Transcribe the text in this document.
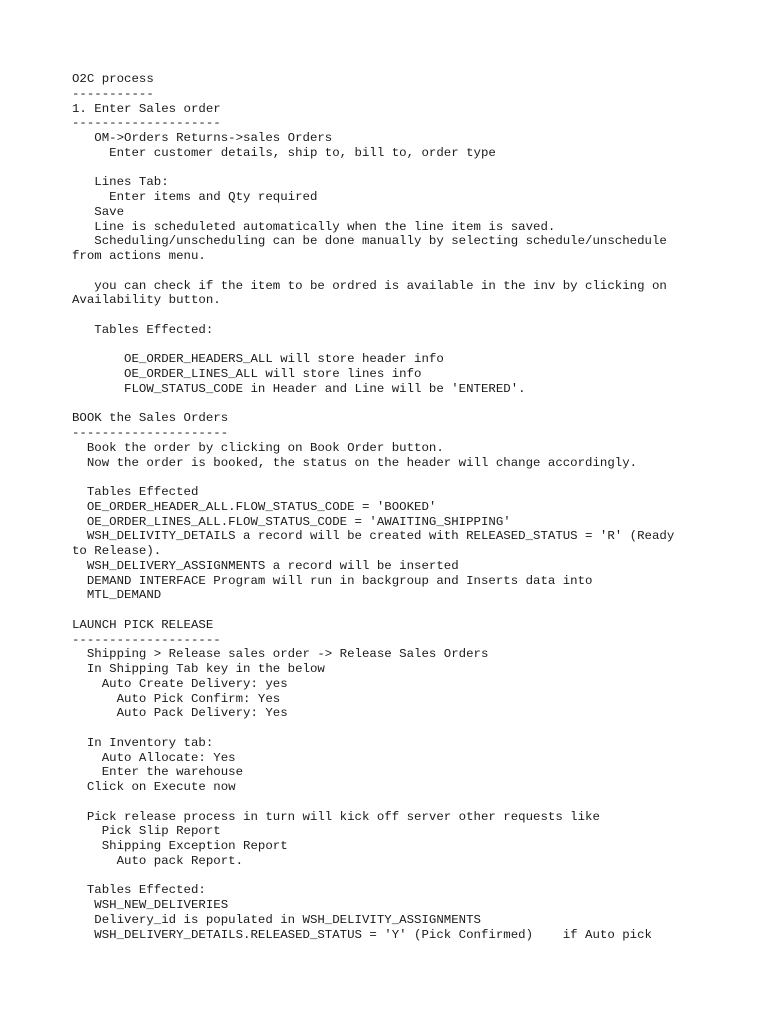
O2C process
-----------
1. Enter Sales order
--------------------
OM->Orders Returns->sales Orders
Enter customer details, ship to, bill to, order type
Lines Tab:
Enter items and Qty required
Save
Line is scheduleted automatically when the line item is saved.
Scheduling/unscheduling can be done manually by selecting schedule/unschedule
from actions menu.
you can check if the item to be ordred is available in the inv by clicking on
Availability button.
Tables Effected:
OE_ORDER_HEADERS_ALL will store header info
OE_ORDER_LINES_ALL will store lines info
FLOW_STATUS_CODE in Header and Line will be 'ENTERED'.
BOOK the Sales Orders
---------------------
Book the order by clicking on Book Order button.
Now the order is booked, the status on the header will change accordingly.
Tables Effected
OE_ORDER_HEADER_ALL.FLOW_STATUS_CODE = 'BOOKED'
OE_ORDER_LINES_ALL.FLOW_STATUS_CODE = 'AWAITING_SHIPPING'
WSH_DELIVITY_DETAILS a record will be created with RELEASED_STATUS = 'R' (Ready
to Release).
WSH_DELIVERY_ASSIGNMENTS a record will be inserted
DEMAND INTERFACE Program will run in backgroup and Inserts data into
MTL_DEMAND
LAUNCH PICK RELEASE
--------------------
Shipping > Release sales order -> Release Sales Orders
In Shipping Tab key in the below
Auto Create Delivery: yes
Auto Pick Confirm: Yes
Auto Pack Delivery: Yes
In Inventory tab:
Auto Allocate: Yes
Enter the warehouse
Click on Execute now
Pick release process in turn will kick off server other requests like
Pick Slip Report
Shipping Exception Report
Auto pack Report.
Tables Effected:
WSH_NEW_DELIVERIES
Delivery_id is populated in WSH_DELIVITY_ASSIGNMENTS
WSH_DELIVERY_DETAILS.RELEASED_STATUS = 'Y' (Pick Confirmed)    if Auto pick
